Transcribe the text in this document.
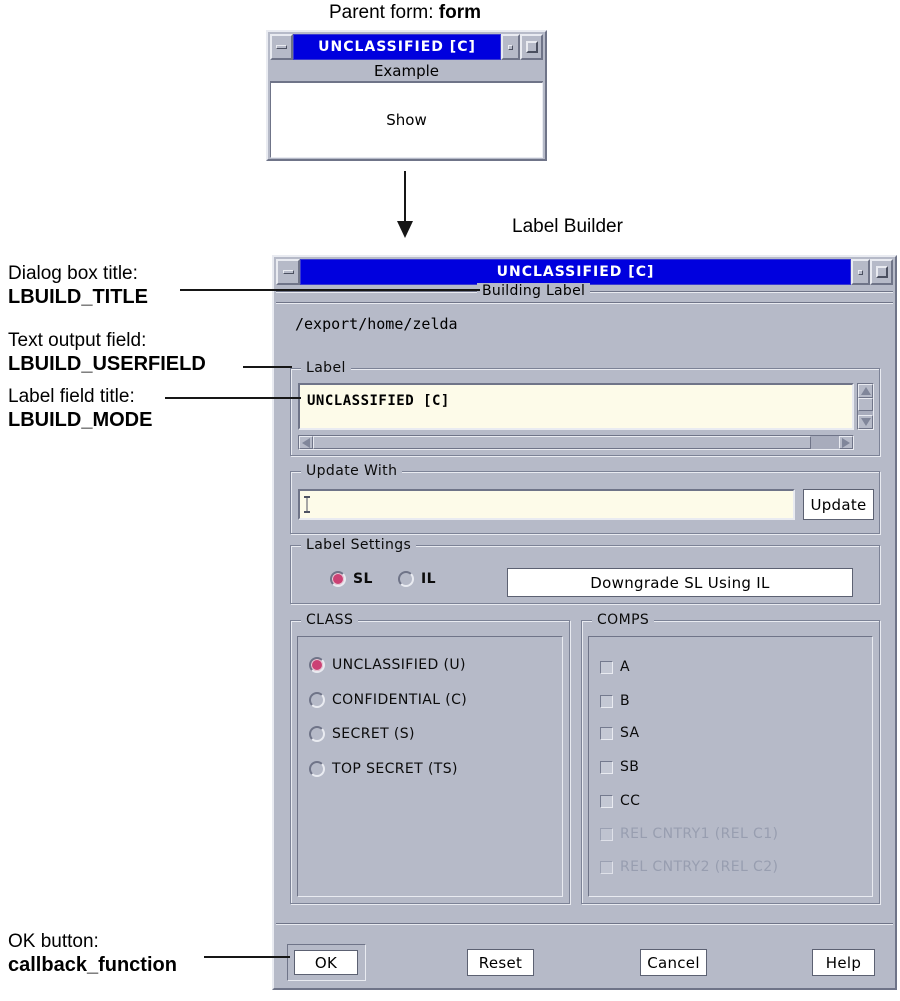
Parent form: form
UNCLASSIFIED [C]
Example
Show
Label Builder
UNCLASSIFIED [C]
Building Label
/export/home/zelda
Label
UNCLASSIFIED [C]
Update With
Update
Label Settings
SL	IL	Downgrade SL Using IL
CLASS
UNCLASSIFIED (U)
CONFIDENTIAL (C)
SECRET (S)
TOP SECRET (TS)
COMPS
A
B
SA
SB
CC
REL CNTRY1 (REL C1)
REL CNTRY2 (REL C2)
OK	Reset	Cancel	Help
Dialog box title:
LBUILD_TITLE
Text output field:
LBUILD_USERFIELD
Label field title:
LBUILD_MODE
OK button:
callback_function
